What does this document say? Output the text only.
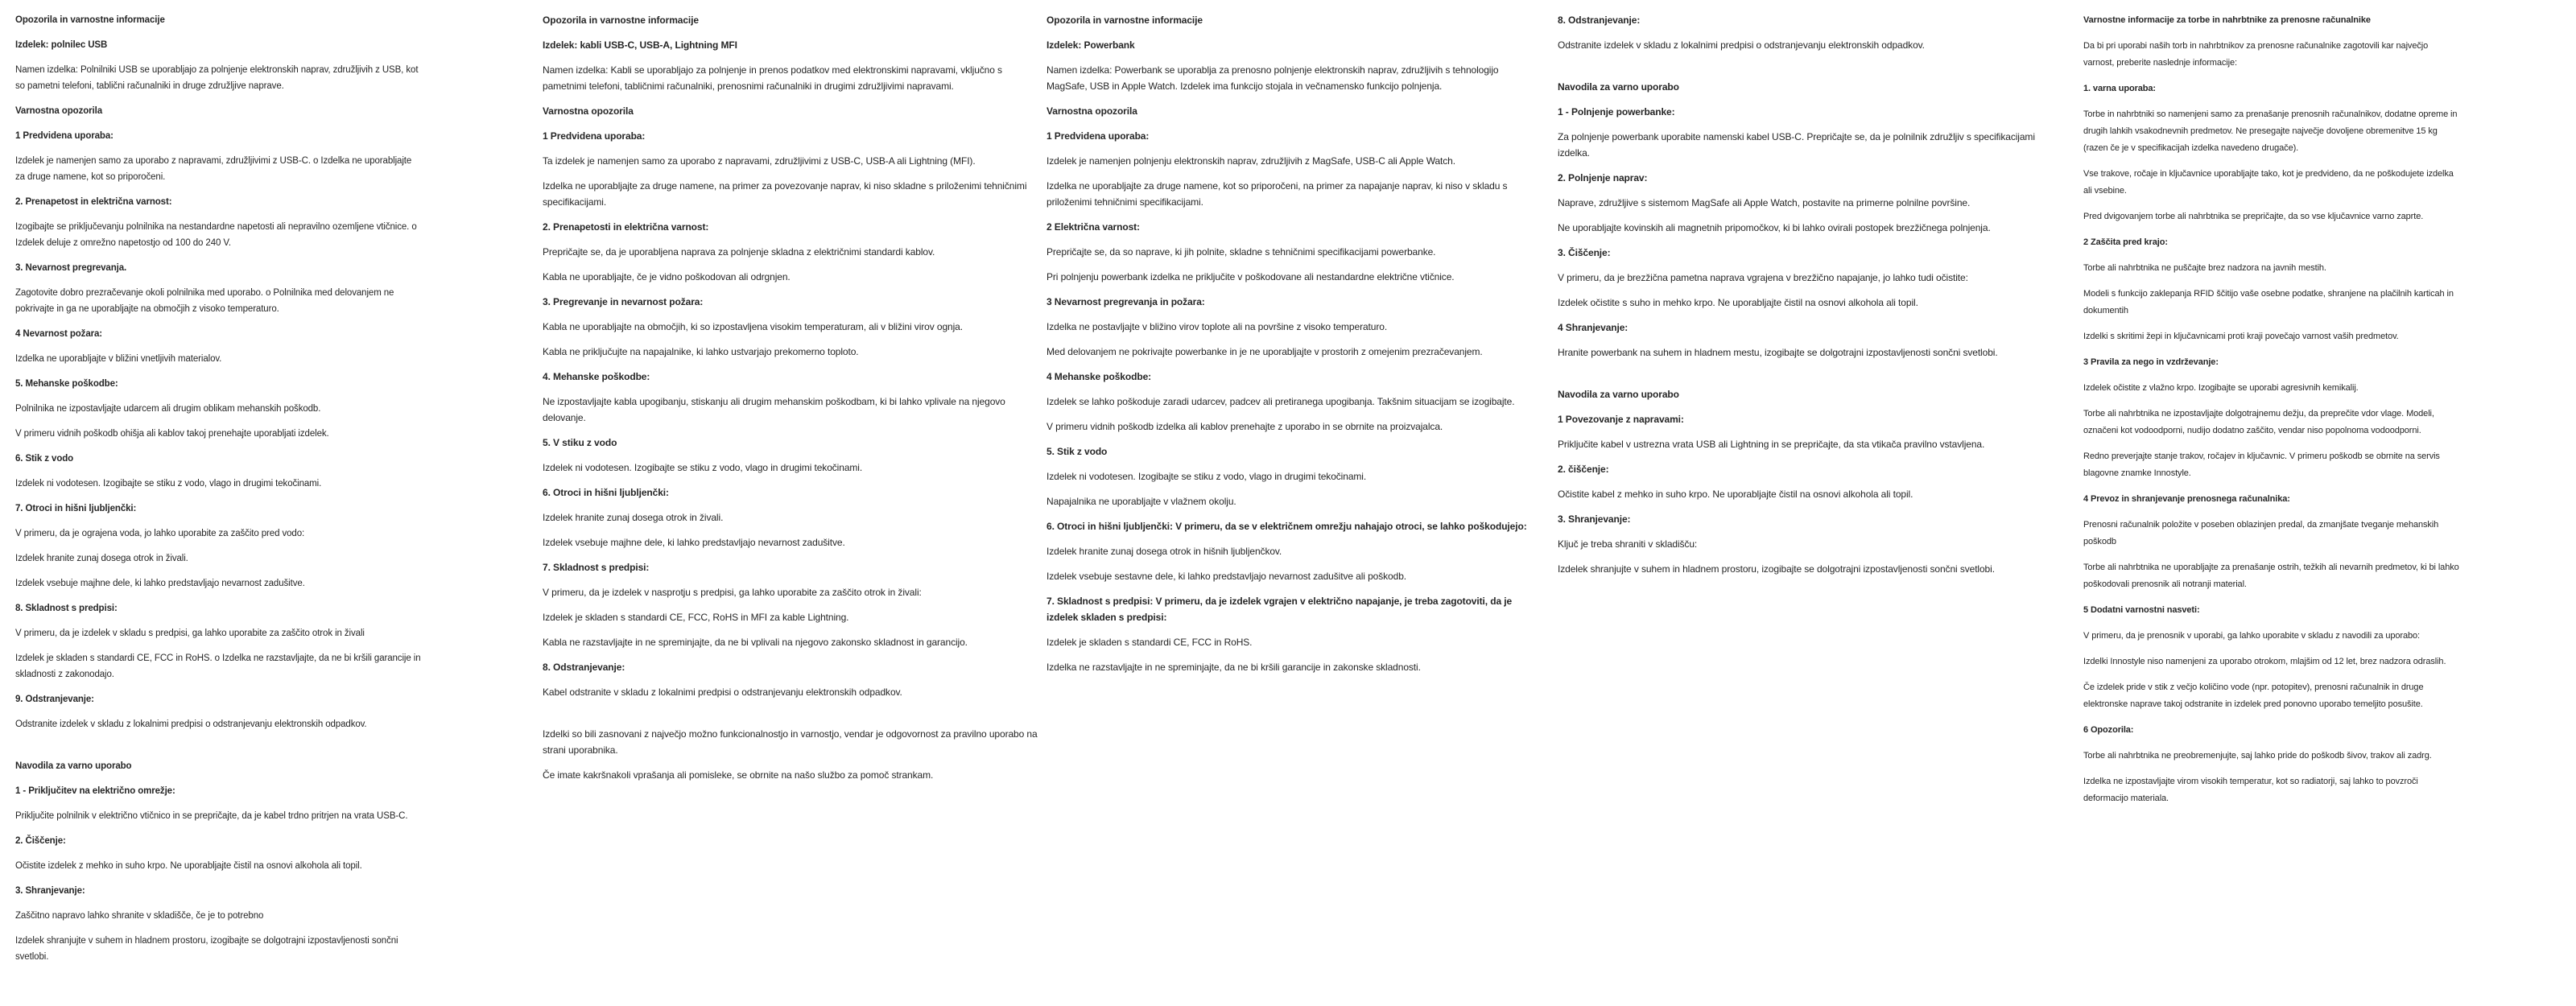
Opozorila in varnostne informacije
Izdelek: polnilec USB
Namen izdelka: Polnilniki USB se uporabljajo za polnjenje elektronskih naprav, združljivih z USB, kot so pametni telefoni, tablični računalniki in druge združljive naprave.
Varnostna opozorila
1 Predvidena uporaba:
Izdelek je namenjen samo za uporabo z napravami, združljivimi z USB-C. o Izdelka ne uporabljajte za druge namene, kot so priporočeni.
2. Prenapetost in električna varnost:
Izogibajte se priključevanju polnilnika na nestandardne napetosti ali nepravilno ozemljene vtičnice. o Izdelek deluje z omrežno napetostjo od 100 do 240 V.
3. Nevarnost pregrevanja.
Zagotovite dobro prezračevanje okoli polnilnika med uporabo. o Polnilnika med delovanjem ne pokrivajte in ga ne uporabljajte na območjih z visoko temperaturo.
4 Nevarnost požara:
Izdelka ne uporabljajte v bližini vnetljivih materialov.
5. Mehanske poškodbe:
Polnilnika ne izpostavljajte udarcem ali drugim oblikam mehanskih poškodb.
V primeru vidnih poškodb ohišja ali kablov takoj prenehajte uporabljati izdelek.
6. Stik z vodo
Izdelek ni vodotesen. Izogibajte se stiku z vodo, vlago in drugimi tekočinami.
7. Otroci in hišni ljubljenčki:
V primeru, da je ograjena voda, jo lahko uporabite za zaščito pred vodo:
Izdelek hranite zunaj dosega otrok in živali.
Izdelek vsebuje majhne dele, ki lahko predstavljajo nevarnost zadušitve.
8. Skladnost s predpisi:
V primeru, da je izdelek v skladu s predpisi, ga lahko uporabite za zaščito otrok in živali
Izdelek je skladen s standardi CE, FCC in RoHS. o Izdelka ne razstavljajte, da ne bi kršili garancije in skladnosti z zakonodajo.
9. Odstranjevanje:
Odstranite izdelek v skladu z lokalnimi predpisi o odstranjevanju elektronskih odpadkov.
Navodila za varno uporabo
1 - Priključitev na električno omrežje:
Priključite polnilnik v električno vtičnico in se prepričajte, da je kabel trdno pritrjen na vrata USB-C.
2. Čiščenje:
Očistite izdelek z mehko in suho krpo. Ne uporabljajte čistil na osnovi alkohola ali topil.
3. Shranjevanje:
Zaščitno napravo lahko shranite v skladišče, če je to potrebno
Izdelek shranjujte v suhem in hladnem prostoru, izogibajte se dolgotrajni izpostavljenosti sončni svetlobi.
Opozorila in varnostne informacije
Izdelek: kabli USB-C, USB-A, Lightning MFI
Namen izdelka: Kabli se uporabljajo za polnjenje in prenos podatkov med elektronskimi napravami, vključno s pametnimi telefoni, tabličnimi računalniki, prenosnimi računalniki in drugimi združljivimi napravami.
Varnostna opozorila
1 Predvidena uporaba:
Ta izdelek je namenjen samo za uporabo z napravami, združljivimi z USB-C, USB-A ali Lightning (MFI).
Izdelka ne uporabljajte za druge namene, na primer za povezovanje naprav, ki niso skladne s priloženimi tehničnimi specifikacijami.
2. Prenapetosti in električna varnost:
Prepričajte se, da je uporabljena naprava za polnjenje skladna z električnimi standardi kablov.
Kabla ne uporabljajte, če je vidno poškodovan ali odrgnjen.
3. Pregrevanje in nevarnost požara:
Kabla ne uporabljajte na območjih, ki so izpostavljena visokim temperaturam, ali v bližini virov ognja.
Kabla ne priključujte na napajalnike, ki lahko ustvarjajo prekomerno toploto.
4. Mehanske poškodbe:
Ne izpostavljajte kabla upogibanju, stiskanju ali drugim mehanskim poškodbam, ki bi lahko vplivale na njegovo delovanje.
5. V stiku z vodo
Izdelek ni vodotesen. Izogibajte se stiku z vodo, vlago in drugimi tekočinami.
6. Otroci in hišni ljubljenčki:
Izdelek hranite zunaj dosega otrok in živali.
Izdelek vsebuje majhne dele, ki lahko predstavljajo nevarnost zadušitve.
7. Skladnost s predpisi:
V primeru, da je izdelek v nasprotju s predpisi, ga lahko uporabite za zaščito otrok in živali:
Izdelek je skladen s standardi CE, FCC, RoHS in MFI za kable Lightning.
Kabla ne razstavljajte in ne spreminjajte, da ne bi vplivali na njegovo zakonsko skladnost in garancijo.
8. Odstranjevanje:
Kabel odstranite v skladu z lokalnimi predpisi o odstranjevanju elektronskih odpadkov.
Izdelki so bili zasnovani z največjo možno funkcionalnostjo in varnostjo, vendar je odgovornost za pravilno uporabo na strani uporabnika.
Če imate kakršnakoli vprašanja ali pomisleke, se obrnite na našo službo za pomoč strankam.
Opozorila in varnostne informacije
Izdelek: Powerbank
Namen izdelka: Powerbank se uporablja za prenosno polnjenje elektronskih naprav, združljivih s tehnologijo MagSafe, USB in Apple Watch. Izdelek ima funkcijo stojala in večnamensko funkcijo polnjenja.
Varnostna opozorila
1 Predvidena uporaba:
Izdelek je namenjen polnjenju elektronskih naprav, združljivih z MagSafe, USB-C ali Apple Watch.
Izdelka ne uporabljajte za druge namene, kot so priporočeni, na primer za napajanje naprav, ki niso v skladu s priloženimi tehničnimi specifikacijami.
2 Električna varnost:
Prepričajte se, da so naprave, ki jih polnite, skladne s tehničnimi specifikacijami powerbanke.
Pri polnjenju powerbank izdelka ne priključite v poškodovane ali nestandardne električne vtičnice.
3 Nevarnost pregrevanja in požara:
Izdelka ne postavljajte v bližino virov toplote ali na površine z visoko temperaturo.
Med delovanjem ne pokrivajte powerbanke in je ne uporabljajte v prostorih z omejenim prezračevanjem.
4 Mehanske poškodbe:
Izdelek se lahko poškoduje zaradi udarcev, padcev ali pretiranega upogibanja. Takšnim situacijam se izogibajte.
V primeru vidnih poškodb izdelka ali kablov prenehajte z uporabo in se obrnite na proizvajalca.
5. Stik z vodo
Izdelek ni vodotesen. Izogibajte se stiku z vodo, vlago in drugimi tekočinami.
Napajalnika ne uporabljajte v vlažnem okolju.
6. Otroci in hišni ljubljenčki: V primeru, da se v električnem omrežju nahajajo otroci, se lahko poškodujejo:
Izdelek hranite zunaj dosega otrok in hišnih ljubljenčkov.
Izdelek vsebuje sestavne dele, ki lahko predstavljajo nevarnost zadušitve ali poškodb.
7. Skladnost s predpisi: V primeru, da je izdelek vgrajen v električno napajanje, je treba zagotoviti, da je izdelek skladen s predpisi:
Izdelek je skladen s standardi CE, FCC in RoHS.
Izdelka ne razstavljajte in ne spreminjajte, da ne bi kršili garancije in zakonske skladnosti.
8. Odstranjevanje:
Odstranite izdelek v skladu z lokalnimi predpisi o odstranjevanju elektronskih odpadkov.
Navodila za varno uporabo
1 - Polnjenje powerbanke:
Za polnjenje powerbank uporabite namenski kabel USB-C. Prepričajte se, da je polnilnik združljiv s specifikacijami izdelka.
2. Polnjenje naprav:
Naprave, združljive s sistemom MagSafe ali Apple Watch, postavite na primerne polnilne površine.
Ne uporabljajte kovinskih ali magnetnih pripomočkov, ki bi lahko ovirali postopek brezžičnega polnjenja.
3. Čiščenje:
V primeru, da je brezžična pametna naprava vgrajena v brezžično napajanje, jo lahko tudi očistite:
Izdelek očistite s suho in mehko krpo. Ne uporabljajte čistil na osnovi alkohola ali topil.
4 Shranjevanje:
Hranite powerbank na suhem in hladnem mestu, izogibajte se dolgotrajni izpostavljenosti sončni svetlobi.
Navodila za varno uporabo
1 Povezovanje z napravami:
Priključite kabel v ustrezna vrata USB ali Lightning in se prepričajte, da sta vtikača pravilno vstavljena.
2. čiščenje:
Očistite kabel z mehko in suho krpo. Ne uporabljajte čistil na osnovi alkohola ali topil.
3. Shranjevanje:
Ključ je treba shraniti v skladišču:
Izdelek shranjujte v suhem in hladnem prostoru, izogibajte se dolgotrajni izpostavljenosti sončni svetlobi.
Varnostne informacije za torbe in nahrbtnike za prenosne računalnike
Da bi pri uporabi naših torb in nahrbtnikov za prenosne računalnike zagotovili kar največjo varnost, preberite naslednje informacije:
1. varna uporaba:
Torbe in nahrbtniki so namenjeni samo za prenašanje prenosnih računalnikov, dodatne opreme in drugih lahkih vsakodnevnih predmetov. Ne presegajte največje dovoljene obremenitve 15 kg (razen če je v specifikacijah izdelka navedeno drugače).
Vse trakove, ročaje in ključavnice uporabljajte tako, kot je predvideno, da ne poškodujete izdelka ali vsebine.
Pred dvigovanjem torbe ali nahrbtnika se prepričajte, da so vse ključavnice varno zaprte.
2 Zaščita pred krajo:
Torbe ali nahrbtnika ne puščajte brez nadzora na javnih mestih.
Modeli s funkcijo zaklepanja RFID ščitijo vaše osebne podatke, shranjene na plačilnih karticah in dokumentih
Izdelki s skritimi žepi in ključavnicami proti kraji povečajo varnost vaših predmetov.
3 Pravila za nego in vzdrževanje:
Izdelek očistite z vlažno krpo. Izogibajte se uporabi agresivnih kemikalij.
Torbe ali nahrbtnika ne izpostavljajte dolgotrajnemu dežju, da preprečite vdor vlage. Modeli, označeni kot vodoodporni, nudijo dodatno zaščito, vendar niso popolnoma vodoodporni.
Redno preverjajte stanje trakov, ročajev in ključavnic. V primeru poškodb se obrnite na servis blagovne znamke Innostyle.
4 Prevoz in shranjevanje prenosnega računalnika:
Prenosni računalnik položite v poseben oblazinjen predal, da zmanjšate tveganje mehanskih poškodb
Torbe ali nahrbtnika ne uporabljajte za prenašanje ostrih, težkih ali nevarnih predmetov, ki bi lahko poškodovali prenosnik ali notranji material.
5 Dodatni varnostni nasveti:
V primeru, da je prenosnik v uporabi, ga lahko uporabite v skladu z navodili za uporabo:
Izdelki Innostyle niso namenjeni za uporabo otrokom, mlajšim od 12 let, brez nadzora odraslih.
Če izdelek pride v stik z večjo količino vode (npr. potopitev), prenosni računalnik in druge elektronske naprave takoj odstranite in izdelek pred ponovno uporabo temeljito posušite.
6 Opozorila:
Torbe ali nahrbtnika ne preobremenjujte, saj lahko pride do poškodb šivov, trakov ali zadrg.
Izdelka ne izpostavljajte virom visokih temperatur, kot so radiatorji, saj lahko to povzroči deformacijo materiala.
